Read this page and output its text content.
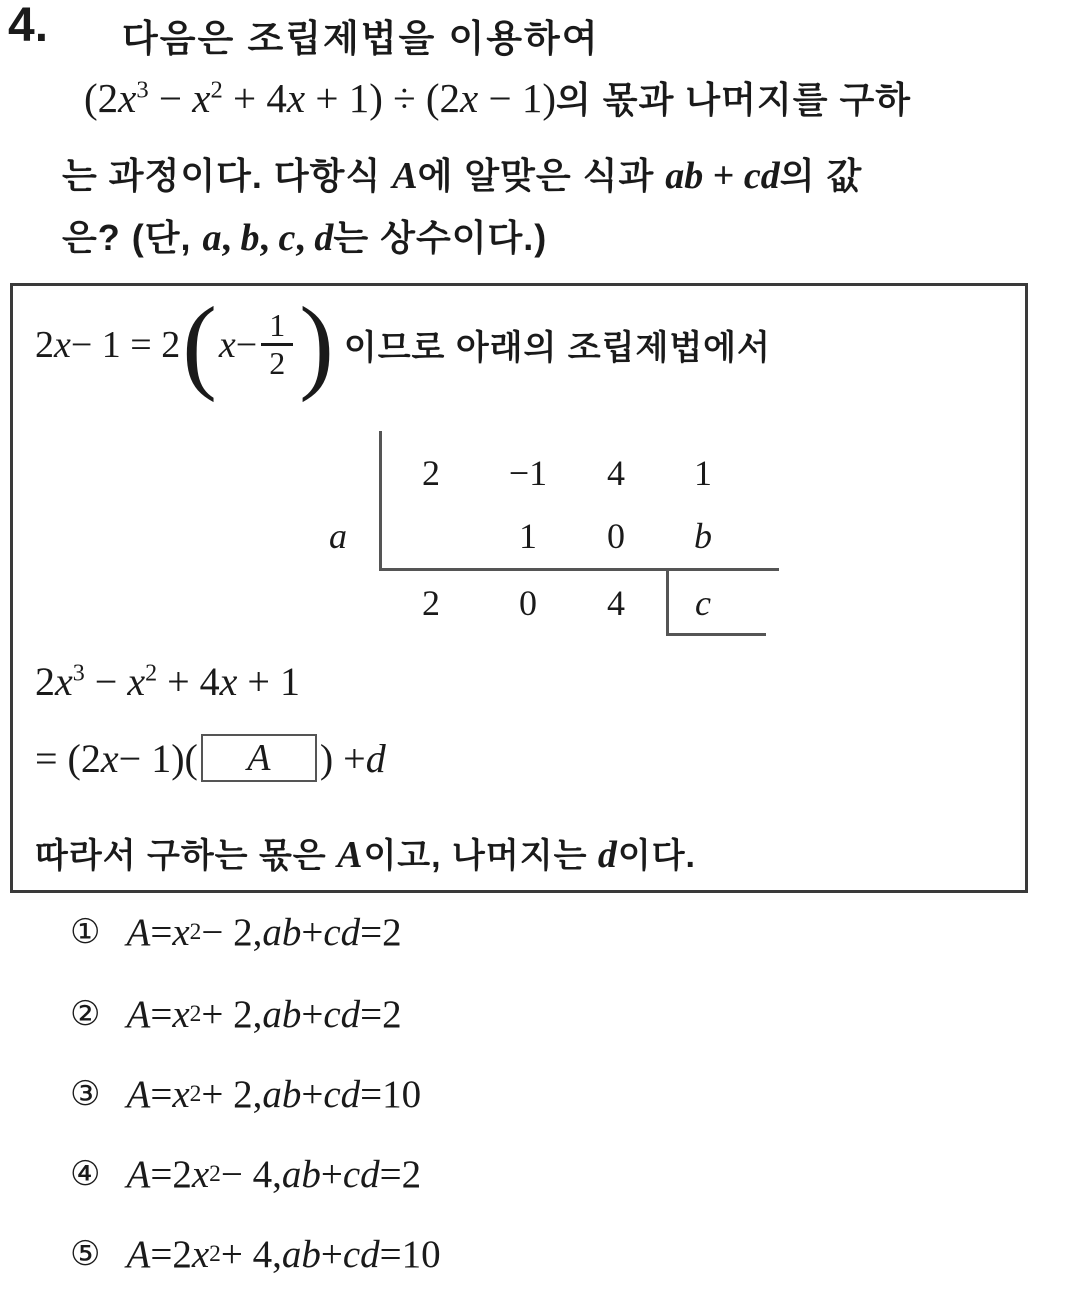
4. 다음은 조립제법을 이용하여
$(2x^3 - x^2 + 4x + 1) \div (2x - 1)$의 몫과 나머지를 구하
는 과정이다. 다항식 A에 알맞은 식과 ab + cd의 값
은? (단, a, b, c, d는 상수이다.)
2 x − 1 = 2 ( $x - \frac{1}{2}$ ) 이므로 아래의 조립제법에서
a
2 −1 4 1
1 0 b
2 0 4 c
$2x^3 - x^2 + 4x + 1$
= (2 x − 1)( A ) + d
따라서 구하는 몫은 A이고, 나머지는 d이다.
① A = x 2 − 2 , ab + cd = 2
② A = x 2 + 2 , ab + cd = 2
③ A = x 2 + 2 , ab + cd = 10
④ A = 2 x 2 − 4 , ab + cd = 2
⑤ A = 2 x 2 + 4 , ab + cd = 10
